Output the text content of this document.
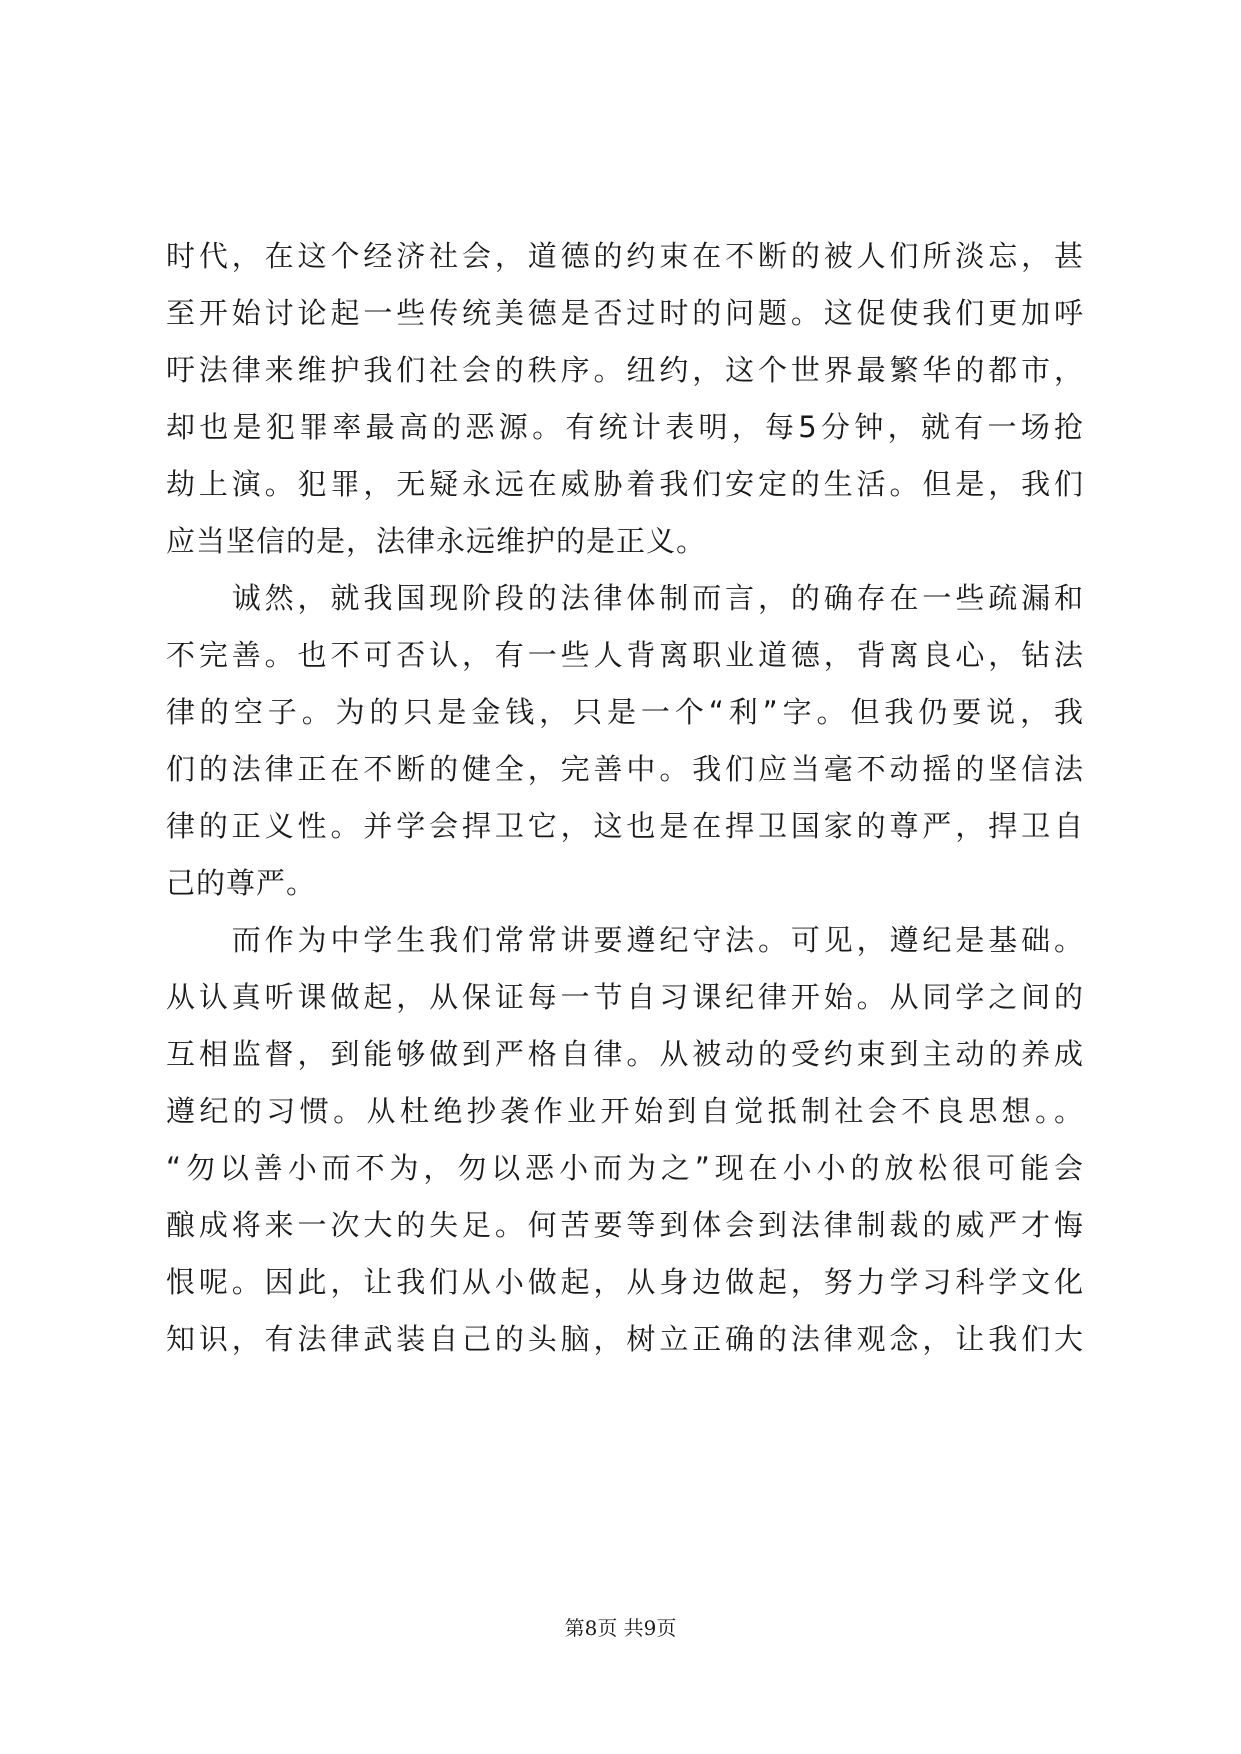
时代，在这个经济社会，道德的约束在不断的被人们所淡忘，甚
至开始讨论起一些传统美德是否过时的问题。这促使我们更加呼
吁法律来维护我们社会的秩序。纽约，这个世界最繁华的都市，
却也是犯罪率最高的恶源。有统计表明，每5分钟，就有一场抢
劫上演。犯罪，无疑永远在威胁着我们安定的生活。但是，我们
应当坚信的是，法律永远维护的是正义。
　　诚然，就我国现阶段的法律体制而言，的确存在一些疏漏和
不完善。也不可否认，有一些人背离职业道德，背离良心，钻法
律的空子。为的只是金钱，只是一个“利”字。但我仍要说，我
们的法律正在不断的健全，完善中。我们应当毫不动摇的坚信法
律的正义性。并学会捍卫它，这也是在捍卫国家的尊严，捍卫自
己的尊严。
　　而作为中学生我们常常讲要遵纪守法。可见，遵纪是基础。
从认真听课做起，从保证每一节自习课纪律开始。从同学之间的
互相监督，到能够做到严格自律。从被动的受约束到主动的养成
遵纪的习惯。从杜绝抄袭作业开始到自觉抵制社会不良思想。。
“勿以善小而不为，勿以恶小而为之”现在小小的放松很可能会
酿成将来一次大的失足。何苦要等到体会到法律制裁的威严才悔
恨呢。因此，让我们从小做起，从身边做起，努力学习科学文化
知识，有法律武装自己的头脑，树立正确的法律观念，让我们大
第8页 共9页
